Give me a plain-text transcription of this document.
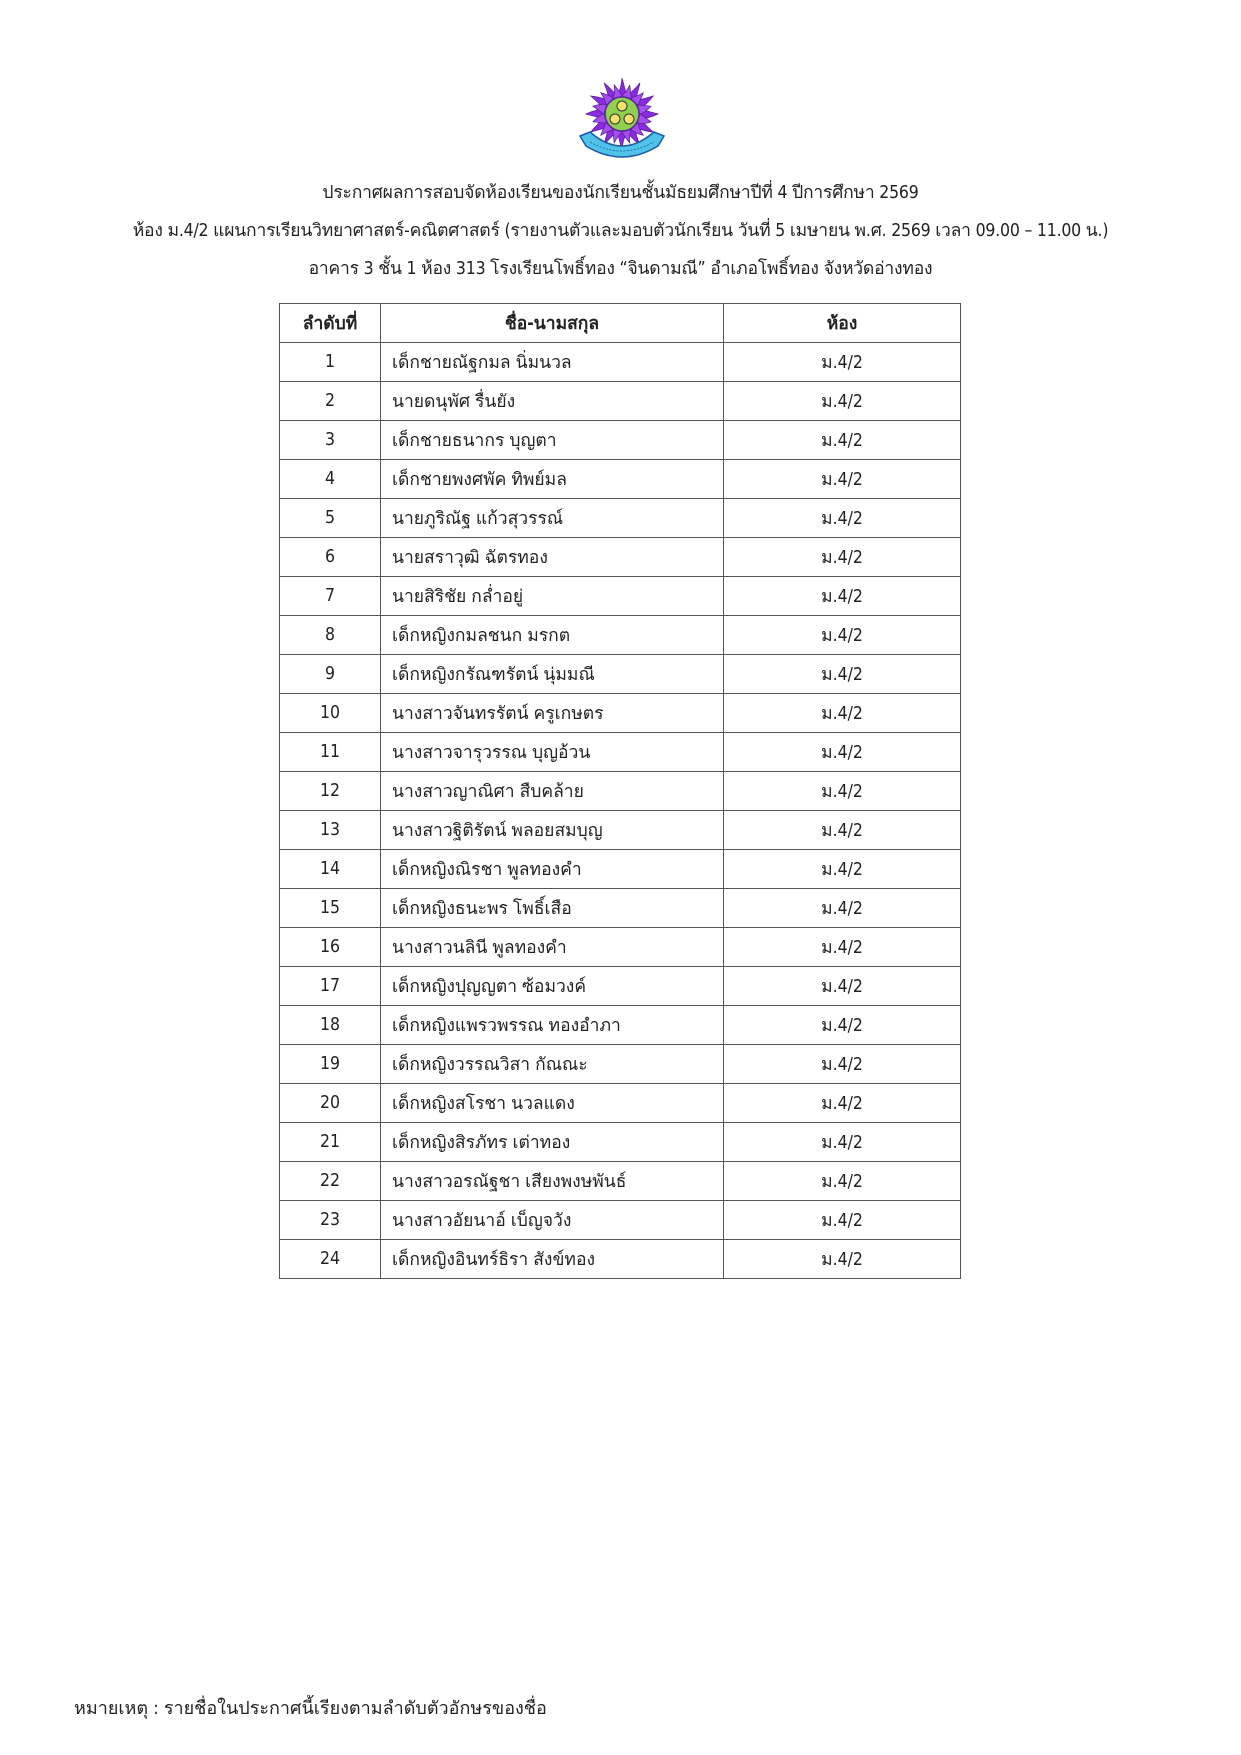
ประกาศผลการสอบจัดห้องเรียนของนักเรียนชั้นมัธยมศึกษาปีที่ 4 ปีการศึกษา 2569
ห้อง ม.4/2 แผนการเรียนวิทยาศาสตร์-คณิตศาสตร์ (รายงานตัวและมอบตัวนักเรียน วันที่ 5 เมษายน พ.ศ. 2569 เวลา 09.00 – 11.00 น.)
อาคาร 3 ชั้น 1 ห้อง 313 โรงเรียนโพธิ์ทอง “จินดามณี” อำเภอโพธิ์ทอง จังหวัดอ่างทอง
ลำดับที่	ชื่อ-นามสกุล	ห้อง
1	เด็กชายณัฐกมล นิ่มนวล	ม.4/2
2	นายดนุพัศ รื่นยัง	ม.4/2
3	เด็กชายธนากร บุญตา	ม.4/2
4	เด็กชายพงศพัค ทิพย์มล	ม.4/2
5	นายภูริณัฐ แก้วสุวรรณ์	ม.4/2
6	นายสราวุฒิ ฉัตรทอง	ม.4/2
7	นายสิริชัย กล่ำอยู่	ม.4/2
8	เด็กหญิงกมลชนก มรกต	ม.4/2
9	เด็กหญิงกรัณฑรัตน์ นุ่มมณี	ม.4/2
10	นางสาวจันทรรัตน์ ครูเกษตร	ม.4/2
11	นางสาวจารุวรรณ บุญอ้วน	ม.4/2
12	นางสาวญาณิศา สืบคล้าย	ม.4/2
13	นางสาวฐิติรัตน์ พลอยสมบุญ	ม.4/2
14	เด็กหญิงณิรชา พูลทองคำ	ม.4/2
15	เด็กหญิงธนะพร โพธิ์เสือ	ม.4/2
16	นางสาวนลินี พูลทองคำ	ม.4/2
17	เด็กหญิงปุญญตา ซ้อมวงค์	ม.4/2
18	เด็กหญิงแพรวพรรณ ทองอำภา	ม.4/2
19	เด็กหญิงวรรณวิสา กัณณะ	ม.4/2
20	เด็กหญิงสโรชา นวลแดง	ม.4/2
21	เด็กหญิงสิรภัทร เต่าทอง	ม.4/2
22	นางสาวอรณัฐชา เสียงพงษพันธ์	ม.4/2
23	นางสาวอัยนาอ์ เบ็ญจวัง	ม.4/2
24	เด็กหญิงอินทร์ธิรา สังข์ทอง	ม.4/2
หมายเหตุ : รายชื่อในประกาศนี้เรียงตามลำดับตัวอักษรของชื่อ
